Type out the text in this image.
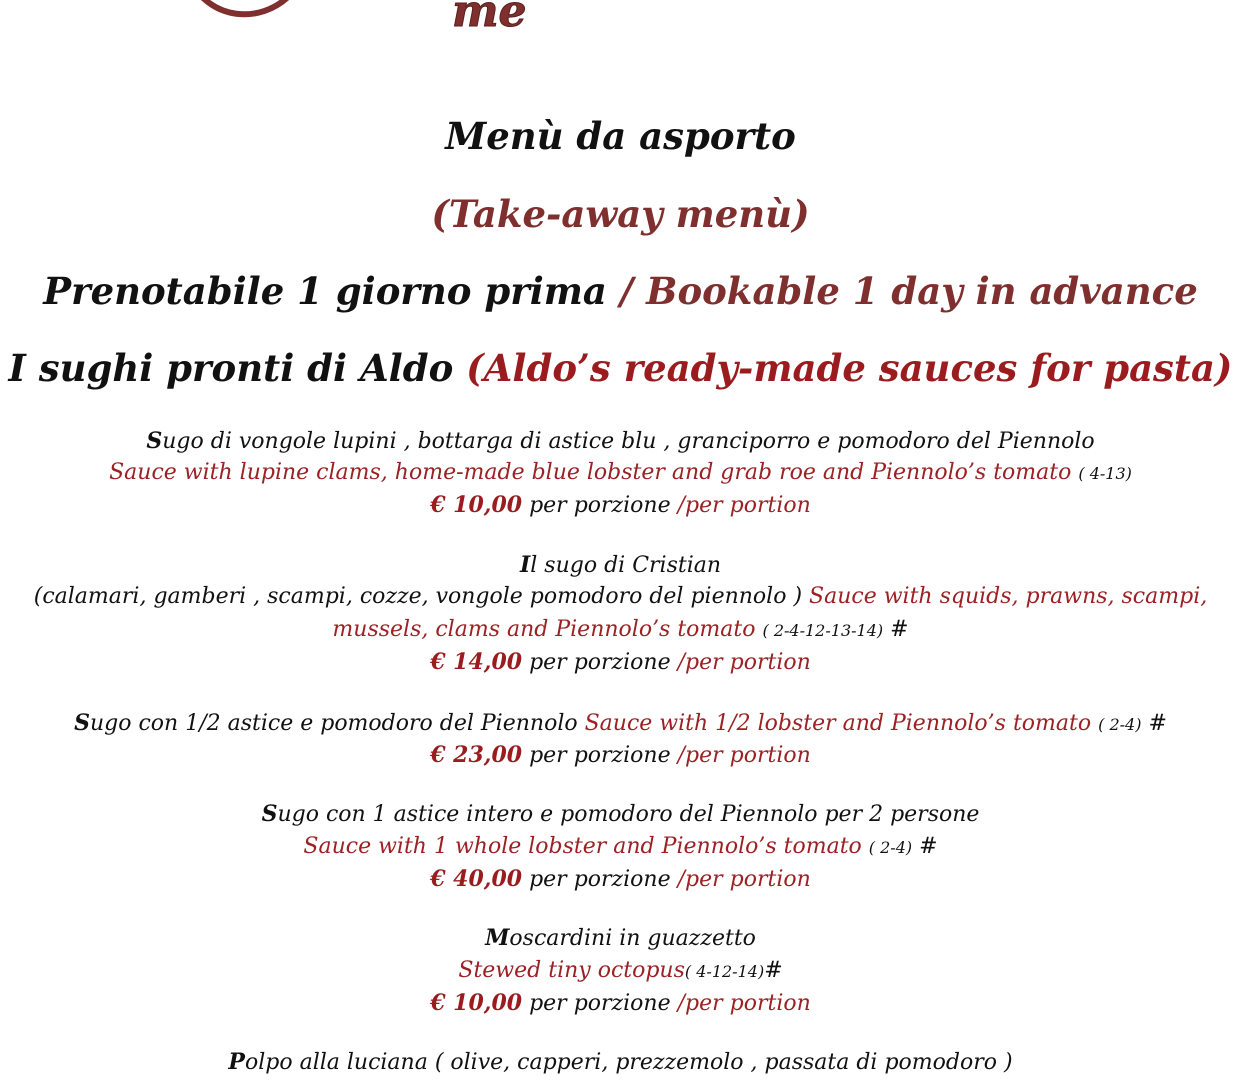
me
Menù da asporto
(Take-away menù)
Prenotabile 1 giorno prima / Bookable 1 day in advance
I sughi pronti di Aldo (Aldo’s ready-made sauces for pasta)
Sugo di vongole lupini , bottarga di astice blu , granciporro e pomodoro del Piennolo
Sauce with lupine clams, home-made blue lobster and grab roe and Piennolo’s tomato ( 4-13)
€ 10,00 per porzione /per portion
Il sugo di Cristian
(calamari, gamberi , scampi, cozze, vongole pomodoro del piennolo ) Sauce with squids, prawns, scampi,
mussels, clams and Piennolo’s tomato ( 2-4-12-13-14) #
€ 14,00 per porzione /per portion
Sugo con 1/2 astice e pomodoro del Piennolo Sauce with 1/2 lobster and Piennolo’s tomato ( 2-4) #
€ 23,00 per porzione /per portion
Sugo con 1 astice intero e pomodoro del Piennolo per 2 persone
Sauce with 1 whole lobster and Piennolo’s tomato ( 2-4) #
€ 40,00 per porzione /per portion
Moscardini in guazzetto
Stewed tiny octopus( 4-12-14)#
€ 10,00 per porzione /per portion
Polpo alla luciana ( olive, capperi, prezzemolo , passata di pomodoro )
